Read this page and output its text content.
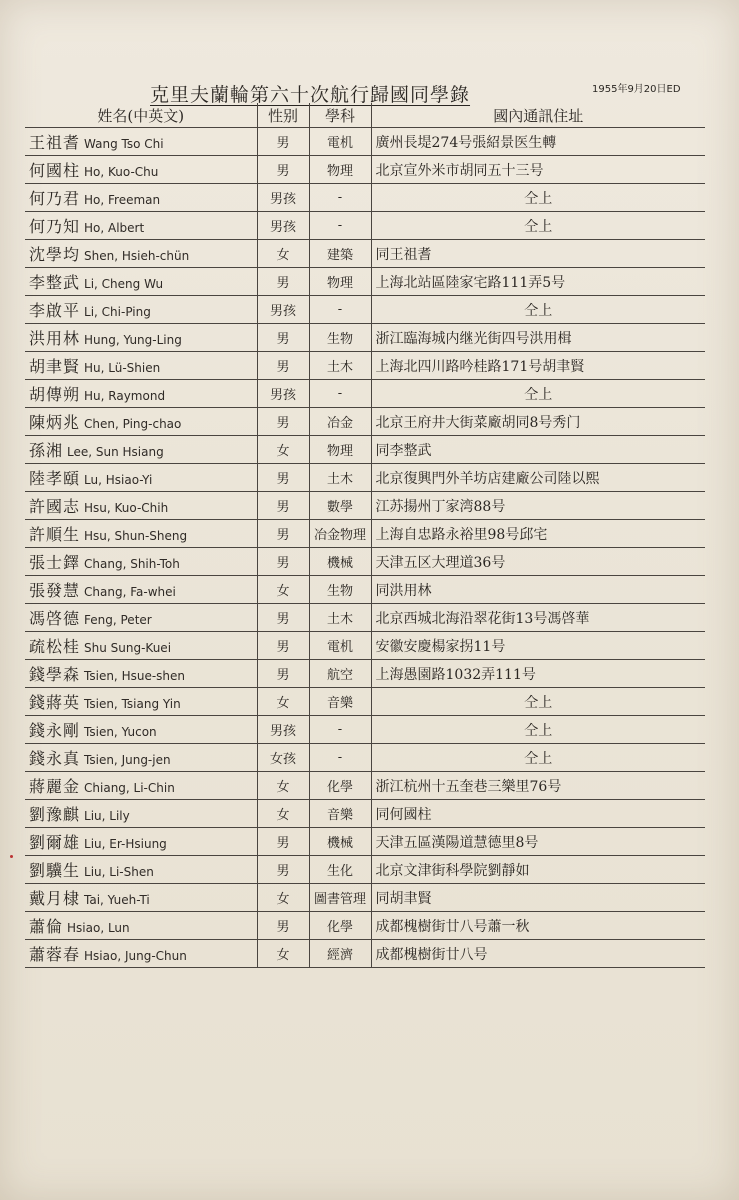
克里夫蘭輪第六十次航行歸國同學錄	1955年9月20日ED
姓名(中英文)	性别	學科	國內通訊住址
王祖耆 Wang Tso Chi	男	電机	廣州長堤274号張紹景医生轉
何國柱 Ho, Kuo-Chu	男	物理	北京宣外米市胡同五十三号
何乃君 Ho, Freeman	男孩	-	仝上
何乃知 Ho, Albert	男孩	-	仝上
沈學均 Shen, Hsieh-chün	女	建築	同王祖耆
李整武 Li, Cheng Wu	男	物理	上海北站區陸家宅路111弄5号
李啟平 Li, Chi-Ping	男孩	-	仝上
洪用林 Hung, Yung-Ling	男	生物	浙江臨海城内继光街四号洪用楫
胡聿賢 Hu, Lü-Shien	男	土木	上海北四川路吟桂路171号胡聿賢
胡傳朔 Hu, Raymond	男孩	-	仝上
陳炳兆 Chen, Ping-chao	男	冶金	北京王府井大街菜廠胡同8号秀门
孫湘 Lee, Sun Hsiang	女	物理	同李整武
陸孝頤 Lu, Hsiao-Yi	男	土木	北京復興門外羊坊店建廠公司陸以熙
許國志 Hsu, Kuo-Chih	男	數學	江苏揚州丁家湾88号
許順生 Hsu, Shun-Sheng	男	冶金物理	上海自忠路永裕里98号邱宅
張士鐸 Chang, Shih-Toh	男	機械	天津五区大理道36号
張發慧 Chang, Fa-whei	女	生物	同洪用林
馮啓德 Feng, Peter	男	土木	北京西城北海沿翠花街13号馮啓華
疏松桂 Shu Sung-Kuei	男	電机	安徽安慶楊家拐11号
錢學森 Tsien, Hsue-shen	男	航空	上海愚園路1032弄111号
錢蔣英 Tsien, Tsiang Yin	女	音樂	仝上
錢永剛 Tsien, Yucon	男孩	-	仝上
錢永真 Tsien, Jung-jen	女孩	-	仝上
蔣麗金 Chiang, Li-Chin	女	化學	浙江杭州十五奎巷三樂里76号
劉豫麒 Liu, Lily	女	音樂	同何國柱
劉爾雄 Liu, Er-Hsiung	男	機械	天津五區漢陽道慧德里8号
劉驥生 Liu, Li-Shen	男	生化	北京文津街科學院劉靜如
戴月棣 Tai, Yueh-Ti	女	圖書管理	同胡聿賢
蕭倫 Hsiao, Lun	男	化學	成都槐樹街廿八号蕭一秋
蕭蓉春 Hsiao, Jung-Chun	女	經濟	成都槐樹街廿八号
